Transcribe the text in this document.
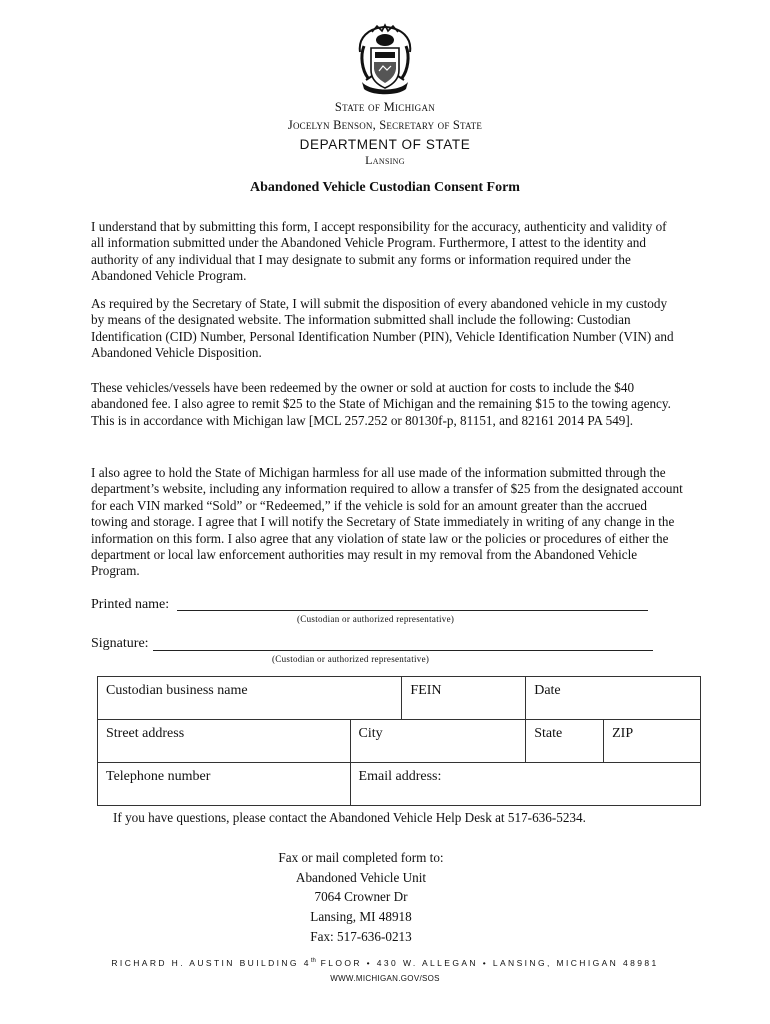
State of Michigan
Jocelyn Benson, Secretary of State
DEPARTMENT OF STATE
Lansing
Abandoned Vehicle Custodian Consent Form

I understand that by submitting this form, I accept responsibility for the accuracy, authenticity and validity of all information submitted under the Abandoned Vehicle Program. Furthermore, I attest to the identity and authority of any individual that I may designate to submit any forms or information required under the Abandoned Vehicle Program.

As required by the Secretary of State, I will submit the disposition of every abandoned vehicle in my custody by means of the designated website. The information submitted shall include the following: Custodian Identification (CID) Number, Personal Identification Number (PIN), Vehicle Identification Number (VIN) and Abandoned Vehicle Disposition.

These vehicles/vessels have been redeemed by the owner or sold at auction for costs to include the $40 abandoned fee. I also agree to remit $25 to the State of Michigan and the remaining $15 to the towing agency. This is in accordance with Michigan law [MCL 257.252 or 80130f-p, 81151, and 82161 2014 PA 549].

I also agree to hold the State of Michigan harmless for all use made of the information submitted through the department’s website, including any information required to allow a transfer of $25 from the designated account for each VIN marked “Sold” or “Redeemed,” if the vehicle is sold for an amount greater than the accrued towing and storage. I agree that I will notify the Secretary of State immediately in writing of any change in the information on this form. I also agree that any violation of state law or the policies or procedures of either the department or local law enforcement authorities may result in my removal from the Abandoned Vehicle Program.

Printed name:
(Custodian or authorized representative)
Signature:
(Custodian or authorized representative)
Custodian business name		FEIN	Date	
Street address	City		State	ZIP
Telephone number	Email address:			
If you have questions, please contact the Abandoned Vehicle Help Desk at 517-636-5234.
Fax or mail completed form to:
Abandoned Vehicle Unit
7064 Crowner Dr
Lansing, MI 48918
Fax: 517-636-0213
RICHARD H. AUSTIN BUILDING 4th FLOOR • 430 W. ALLEGAN • LANSING, MICHIGAN 48981
WWW.MICHIGAN.GOV/SOS
